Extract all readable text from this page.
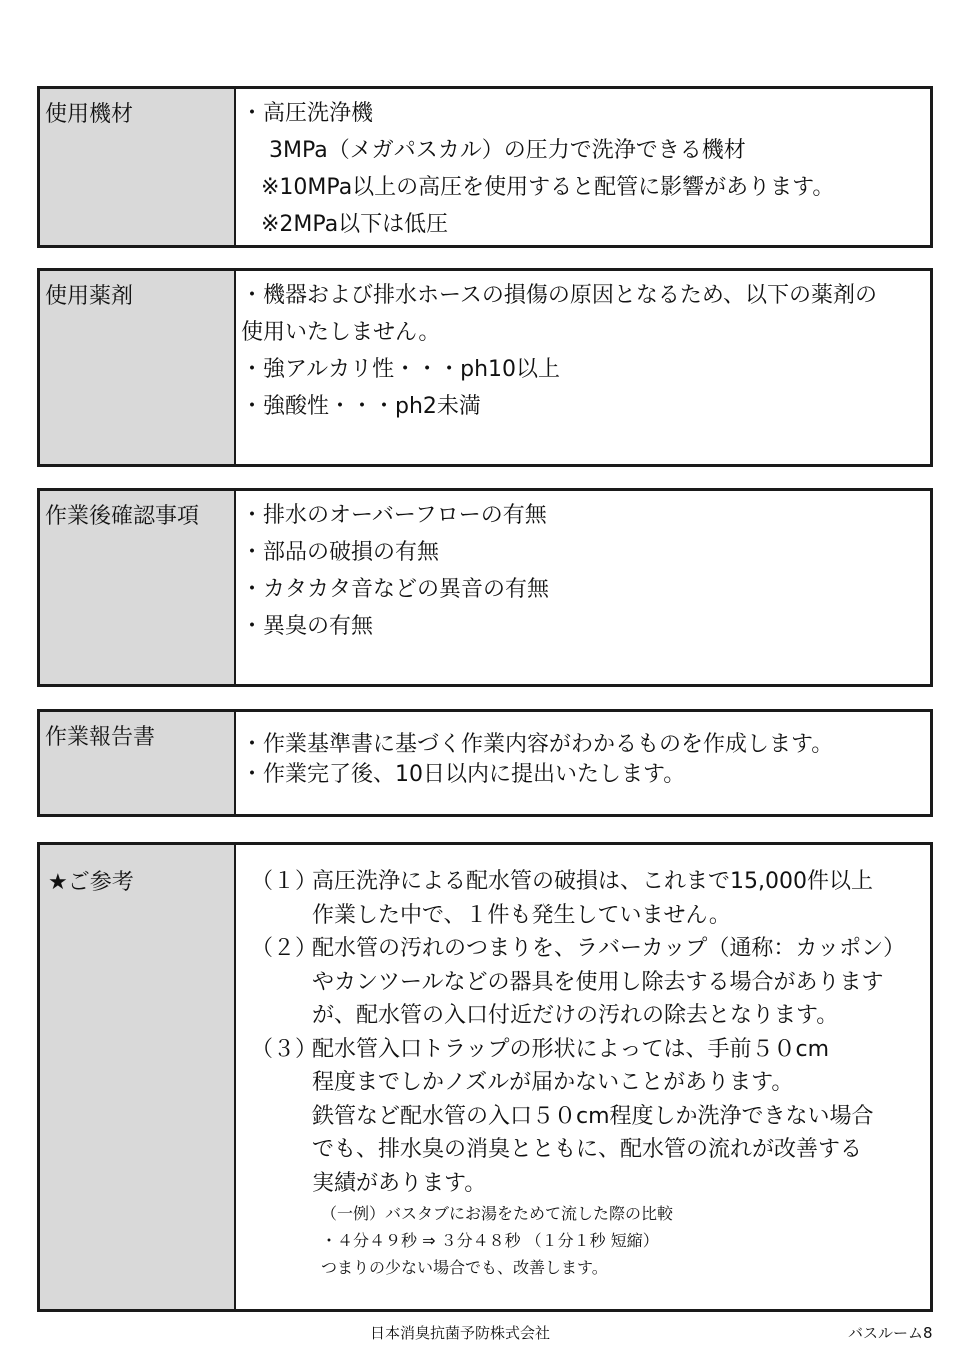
使用機材	・高圧洗浄機
3MPa（メガパスカル）の圧力で洗浄できる機材
※10MPa以上の高圧を使用すると配管に影響があります。
※2MPa以下は低圧
使用薬剤	・機器および排水ホースの損傷の原因となるため、以下の薬剤の
使用いたしません。
・強アルカリ性・・・ph10以上
・強酸性・・・ph2未満
作業後確認事項	・排水のオーバーフローの有無
・部品の破損の有無
・カタカタ音などの異音の有無
・異臭の有無
作業報告書	・作業基準書に基づく作業内容がわかるものを作成します。
・作業完了後、10日以内に提出いたします。
★ご参考	（１）高圧洗浄による配水管の破損は、これまで15,000件以上
作業した中で、１件も発生していません。
（２）配水管の汚れのつまりを、ラバーカップ（通称：カッポン）
やカンツールなどの器具を使用し除去する場合があります
が、配水管の入口付近だけの汚れの除去となります。
（３）配水管入口トラップの形状によっては、手前５０cm
程度までしかノズルが届かないことがあります。
鉄管など配水管の入口５０cm程度しか洗浄できない場合
でも、排水臭の消臭とともに、配水管の流れが改善する
実績があります。
（一例）バスタブにお湯をためて流した際の比較
・４分４９秒 ⇒ ３分４８秒 （１分１秒 短縮）
つまりの少ない場合でも、改善します。
日本消臭抗菌予防株式会社	バスルーム8
